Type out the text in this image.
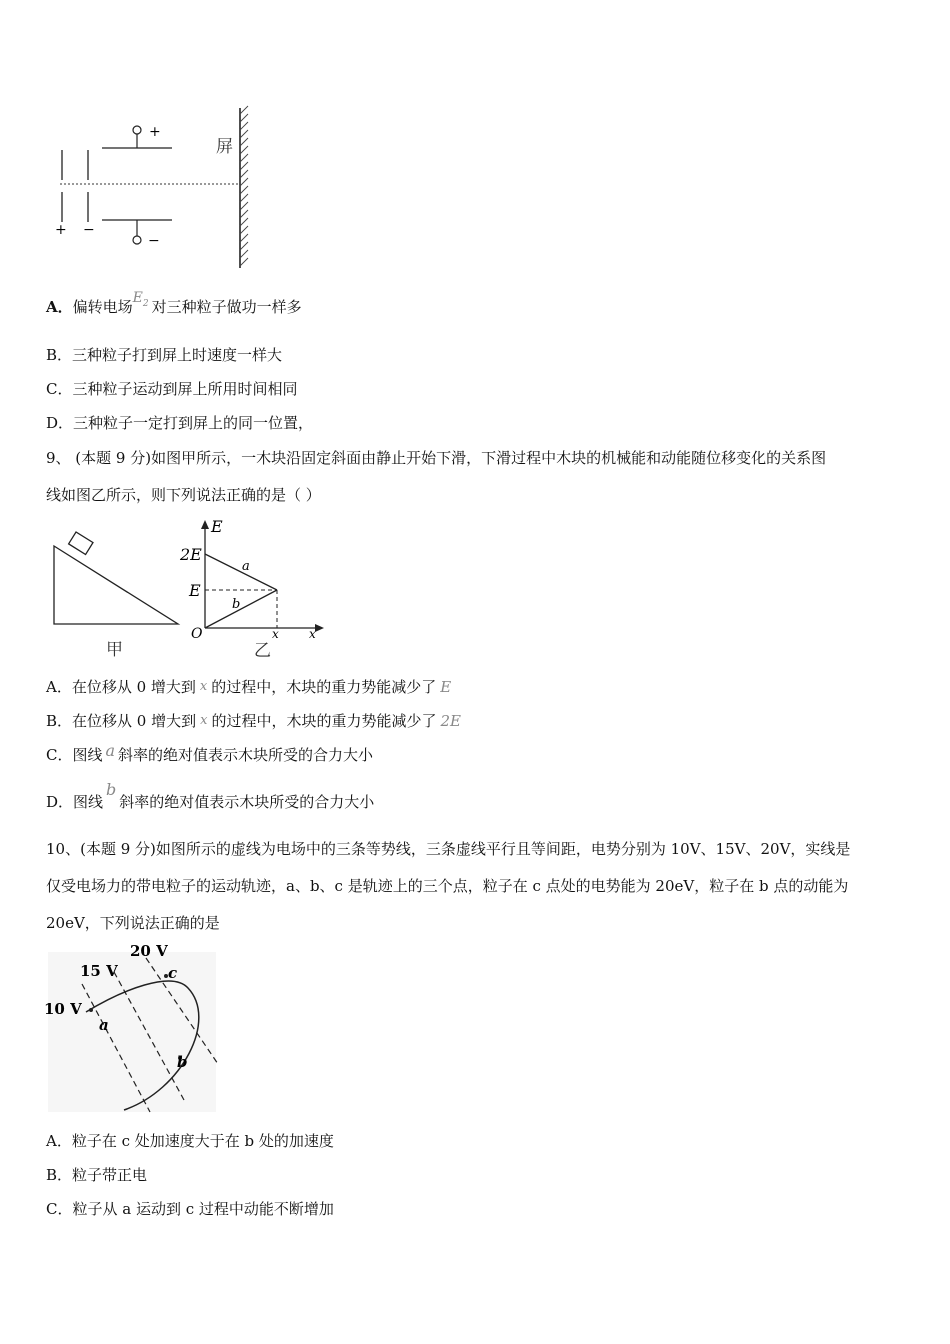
+
−
+ −
屏
A．偏转电场$E^2$ 对三种粒子做功一样多
B．三种粒子打到屏上时速度一样大
C．三种粒子运动到屏上所用时间相同
D．三种粒子一定打到屏上的同一位置，
9、 (本题 9 分)如图甲所示，一木块沿固定斜面由静止开始下滑，下滑过程中木块的机械能和动能随位移变化的关系图
线如图乙所示，则下列说法正确的是（ ）
甲
E
2E
E
O	x	x
a
b
乙
A．在位移从 0 增大到 x 的过程中，木块的重力势能减少了 E
B．在位移从 0 增大到 x 的过程中，木块的重力势能减少了 2E
C．图线 a 斜率的绝对值表示木块所受的合力大小
D．图线b斜率的绝对值表示木块所受的合力大小
10、(本题 9 分)如图所示的虚线为电场中的三条等势线，三条虚线平行且等间距，电势分别为 10V、15V、20V，实线是
仅受电场力的带电粒子的运动轨迹，a、b、c 是轨迹上的三个点，粒子在 c 点处的电势能为 20eV，粒子在 b 点的动能为
20eV，下列说法正确的是
10 V
15 V
20 V
a
b
c
A．粒子在 c 处加速度大于在 b 处的加速度
B．粒子带正电
C．粒子从 a 运动到 c 过程中动能不断增加
